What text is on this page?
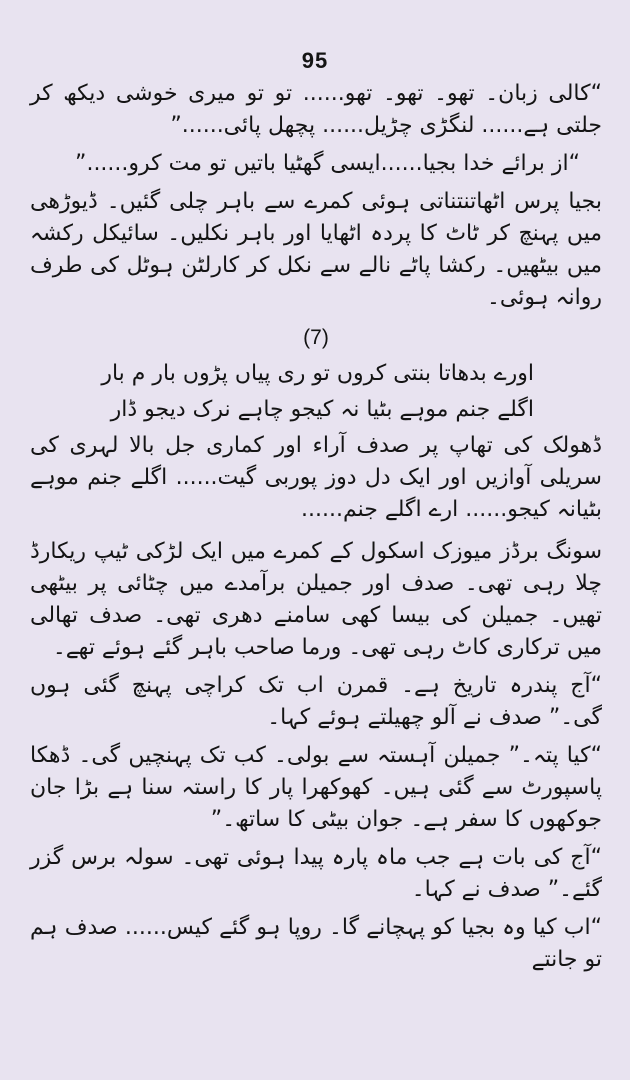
95

“کالی زبان۔ تھو۔ تھو۔ تھو...... تو تو میری خوشی دیکھ کر جلتی ہے...... لنگڑی چڑیل...... پچھل پائی......”

“از برائے خدا بجیا......ایسی گھٹیا باتیں تو مت کرو......”

بجیا پرس اٹھاتنتناتی ہوئی کمرے سے باہر چلی گئیں۔ ڈیوڑھی میں پہنچ کر ٹاٹ کا پردہ اٹھایا اور باہر نکلیں۔ سائیکل رکشہ میں بیٹھیں۔ رکشا پاٹے نالے سے نکل کر کارلٹن ہوٹل کی طرف روانہ ہوئی۔

(7)

اورے بدھاتا بنتی کروں تو ری پیاں پڑوں بار م بار

اگلے جنم موہے بٹیا نہ کیجو چاہے نرک دیجو ڈار

ڈھولک کی تھاپ پر صدف آراء اور کماری جل بالا لہری کی سریلی آوازیں اور ایک دل دوز پوربی گیت...... اگلے جنم موہے بٹیانہ کیجو...... ارے اگلے جنم......

سونگ برڈز میوزک اسکول کے کمرے میں ایک لڑکی ٹیپ ریکارڈ چلا رہی تھی۔ صدف اور جمیلن برآمدے میں چٹائی پر بیٹھی تھیں۔ جمیلن کی بیسا کھی سامنے دھری تھی۔ صدف تھالی میں ترکاری کاٹ رہی تھی۔ ورما صاحب باہر گئے ہوئے تھے۔

“آج پندرہ تاریخ ہے۔ قمرن اب تک کراچی پہنچ گئی ہوں گی۔” صدف نے آلو چھیلتے ہوئے کہا۔

“کیا پتہ۔” جمیلن آہستہ سے بولی۔ کب تک پہنچیں گی۔ ڈھکا پاسپورٹ سے گئی ہیں۔ کھوکھرا پار کا راستہ سنا ہے بڑا جان جوکھوں کا سفر ہے۔ جوان بیٹی کا ساتھ۔”

“آج کی بات ہے جب ماہ پارہ پیدا ہوئی تھی۔ سولہ برس گزر گئے۔” صدف نے کہا۔

“اب کیا وہ بجیا کو پہچانے گا۔ روپا ہو گئے کیس...... صدف ہم تو جانتے
